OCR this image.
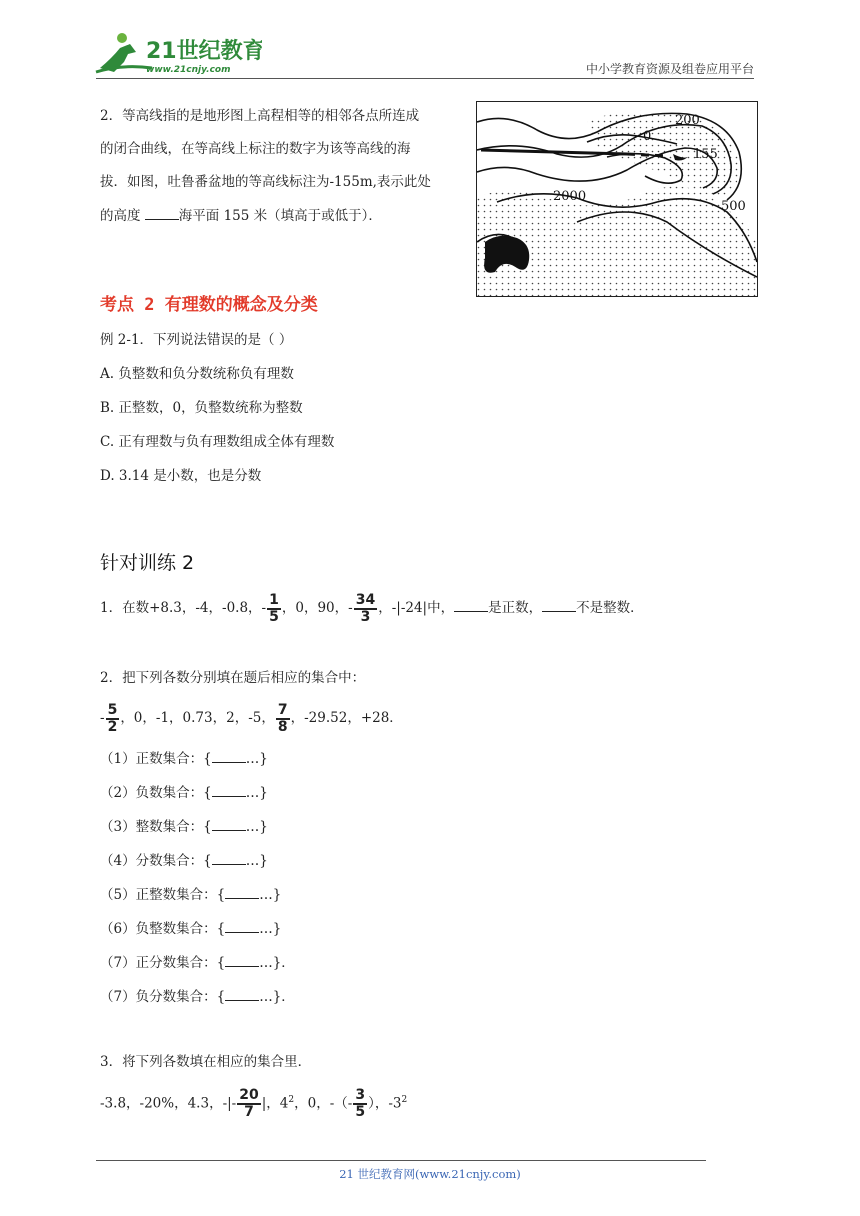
21世纪教育
www.21cnjy.com	中小学教育资源及组卷应用平台
2．等高线指的是地形图上高程相等的相邻各点所连成
的闭合曲线，在等高线上标注的数字为该等高线的海
拔．如图，吐鲁番盆地的等高线标注为-155m,表示此处
的高度	海平面 155 米（填高于或低于）．
200
0
155
2000
500
考点 2 有理数的概念及分类
例 2-1．下列说法错误的是（ ）
A. 负整数和负分数统称负有理数
B. 正整数，0，负整数统称为整数
C. 正有理数与负有理数组成全体有理数
D. 3.14 是小数，也是分数
针对训练 2
1．在数+8.3，-4，-0.8，- $\frac{1}{5}$ ，0，90，- $\frac{34}{3}$ ，-|-24|中，	是正数，	不是整数．
2．把下列各数分别填在题后相应的集合中：
- $\frac{5}{2}$ ，0，-1，0.73，2，-5， $\frac{7}{8}$ ，-29.52，+28．
（1）正数集合：{	…}
（2）负数集合：{	…}
（3）整数集合：{	…}
（4）分数集合：{	…}
（5）正整数集合：{	…}
（6）负整数集合：{	…}
（7）正分数集合：{	…}．
（7）负分数集合：{	…}．
3．将下列各数填在相应的集合里．
-3.8，-20%，4.3，-|- $\frac{20}{7}$ |，$4^2$，0，-（- $\frac{3}{5}$ ），$-3^2$
21 世纪教育网(www.21cnjy.com)
